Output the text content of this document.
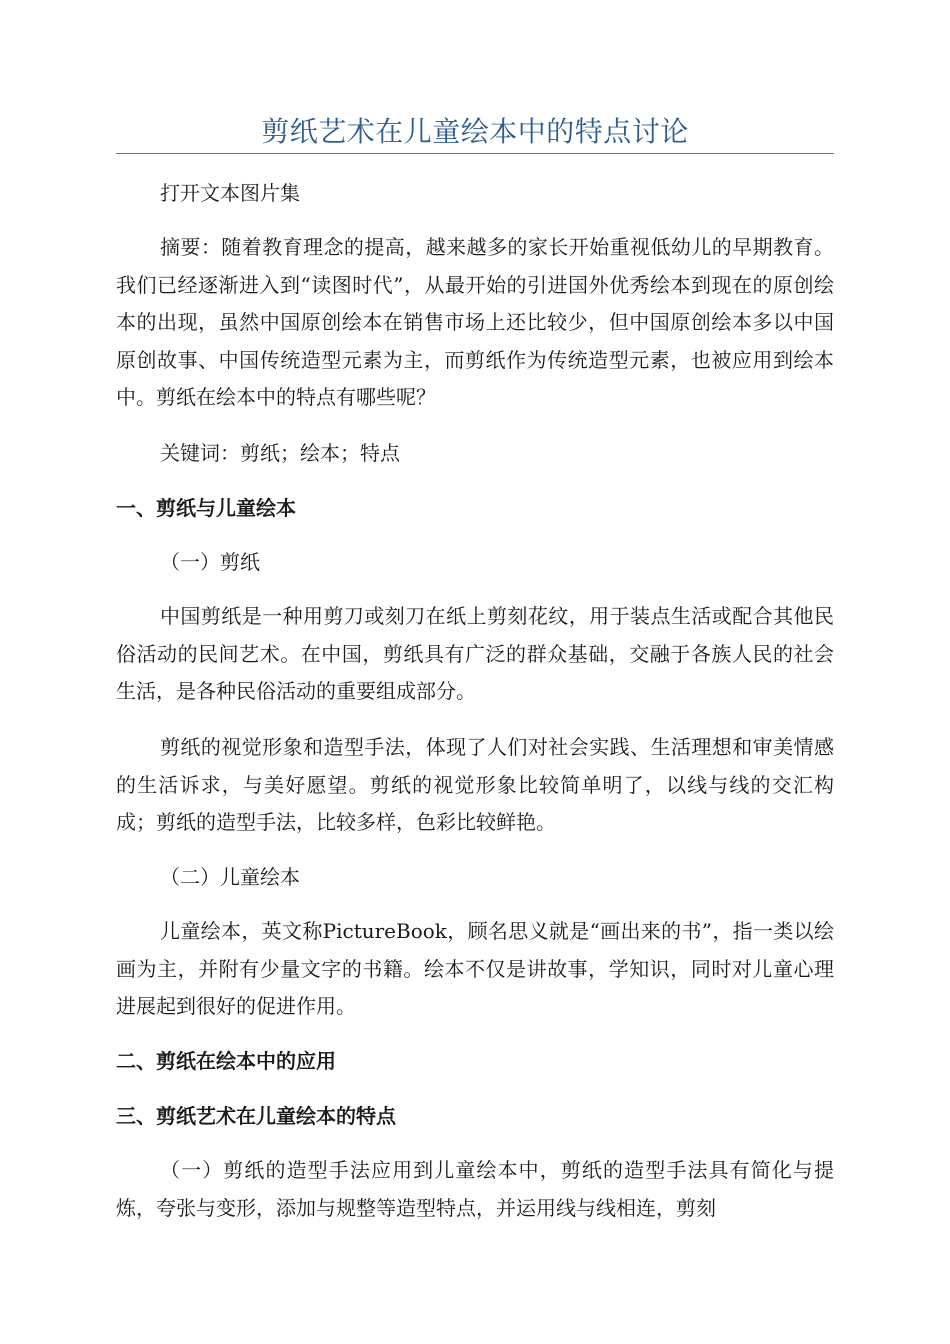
剪纸艺术在儿童绘本中的特点讨论
打开文本图片集
摘要：随着教育理念的提高，越来越多的家长开始重视低幼儿的早期教育。我们已经逐渐进入到“读图时代”，从最开始的引进国外优秀绘本到现在的原创绘本的出现，虽然中国原创绘本在销售市场上还比较少，但中国原创绘本多以中国原创故事、中国传统造型元素为主，而剪纸作为传统造型元素，也被应用到绘本中。剪纸在绘本中的特点有哪些呢？
关键词：剪纸；绘本；特点
一、剪纸与儿童绘本
（一）剪纸
中国剪纸是一种用剪刀或刻刀在纸上剪刻花纹，用于装点生活或配合其他民俗活动的民间艺术。在中国，剪纸具有广泛的群众基础，交融于各族人民的社会生活，是各种民俗活动的重要组成部分。
剪纸的视觉形象和造型手法，体现了人们对社会实践、生活理想和审美情感的生活诉求，与美好愿望。剪纸的视觉形象比较简单明了，以线与线的交汇构成；剪纸的造型手法，比较多样，色彩比较鲜艳。
（二）儿童绘本
儿童绘本，英文称PictureBook，顾名思义就是“画出来的书”，指一类以绘画为主，并附有少量文字的书籍。绘本不仅是讲故事，学知识，同时对儿童心理进展起到很好的促进作用。
二、剪纸在绘本中的应用
三、剪纸艺术在儿童绘本的特点
（一）剪纸的造型手法应用到儿童绘本中，剪纸的造型手法具有简化与提炼，夸张与变形，添加与规整等造型特点，并运用线与线相连，剪刻
